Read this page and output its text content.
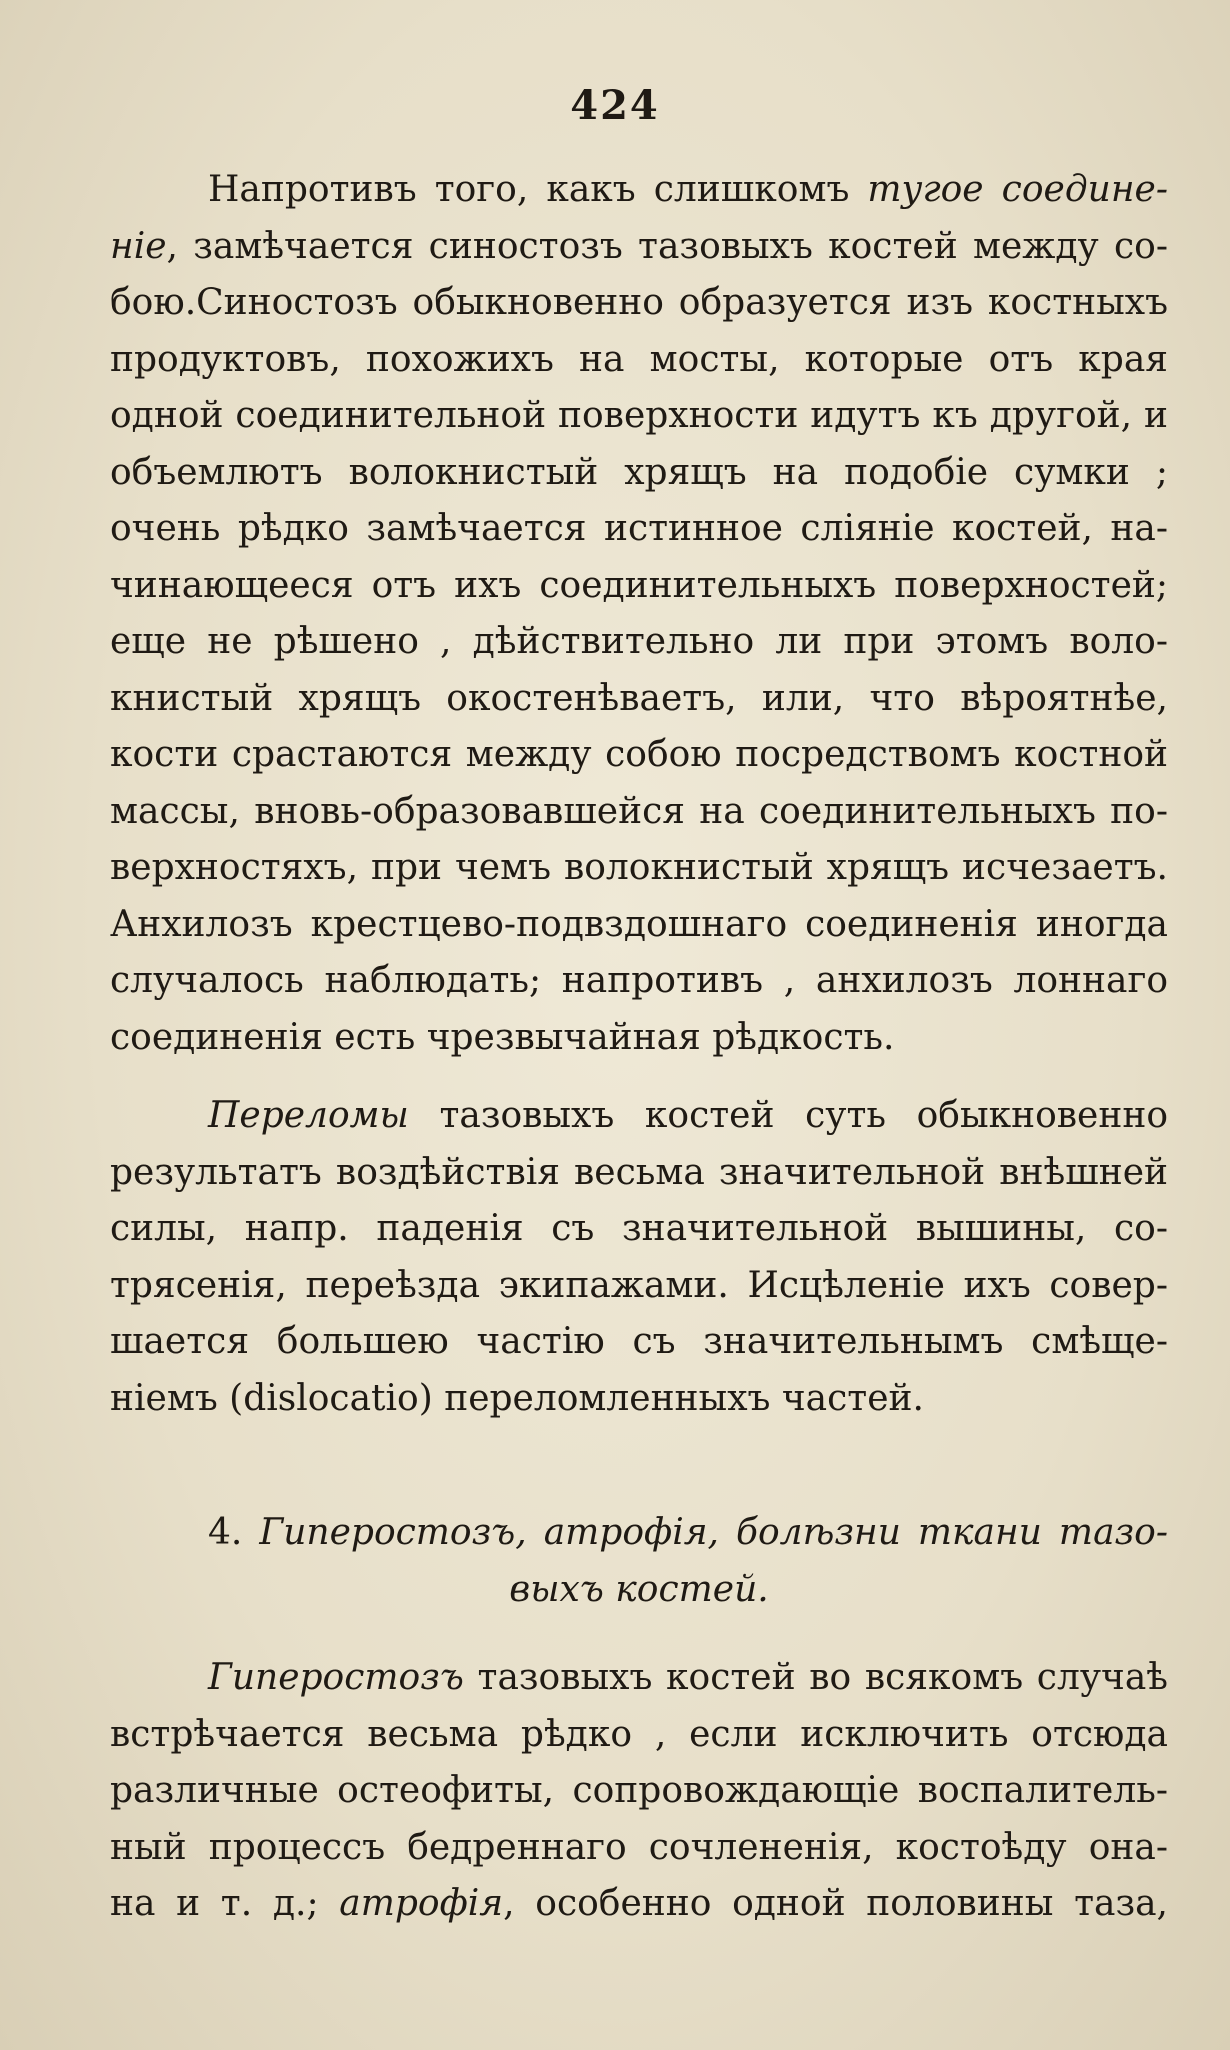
424
Напротивъ того, какъ слишкомъ тугое соедине-
нiе, замѣчается синостозъ тазовыхъ костей между со-
бою.Синостозъ обыкновенно образуется изъ костныхъ
продуктовъ, похожихъ на мосты, которые отъ края
одной соединительной поверхности идутъ къ другой, и
объемлютъ волокнистый хрящъ на подобiе сумки ;
очень рѣдко замѣчается истинное слiянiе костей, на-
чинающееся отъ ихъ соединительныхъ поверхностей;
еще не рѣшено , дѣйствительно ли при этомъ воло-
книстый хрящъ окостенѣваетъ, или, что вѣроятнѣе,
кости срастаются между собою посредствомъ костной
массы, вновь-образовавшейся на соединительныхъ по-
верхностяхъ, при чемъ волокнистый хрящъ исчезаетъ.
Анхилозъ крестцево-подвздошнаго соединенiя иногда
случалось наблюдать; напротивъ , анхилозъ лоннаго
соединенiя есть чрезвычайная рѣдкость.
Переломы тазовыхъ костей суть обыкновенно
результатъ воздѣйствiя весьма значительной внѣшней
силы, напр. паденiя съ значительной вышины, со-
трясенiя, переѣзда экипажами. Исцѣленiе ихъ совер-
шается большею частiю съ значительнымъ смѣще-
нiемъ (dislocatio) переломленныхъ частей.
4. Гиперостозъ, атрофiя, болѣзни ткани тазо-
выхъ костей.
Гиперостозъ тазовыхъ костей во всякомъ случаѣ
встрѣчается весьма рѣдко , если исключить отсюда
различные остеофиты, сопровождающiе воспалитель-
ный процессъ бедреннаго сочлененiя, костоѣду она-
на и т. д.; атрофiя, особенно одной половины таза,
